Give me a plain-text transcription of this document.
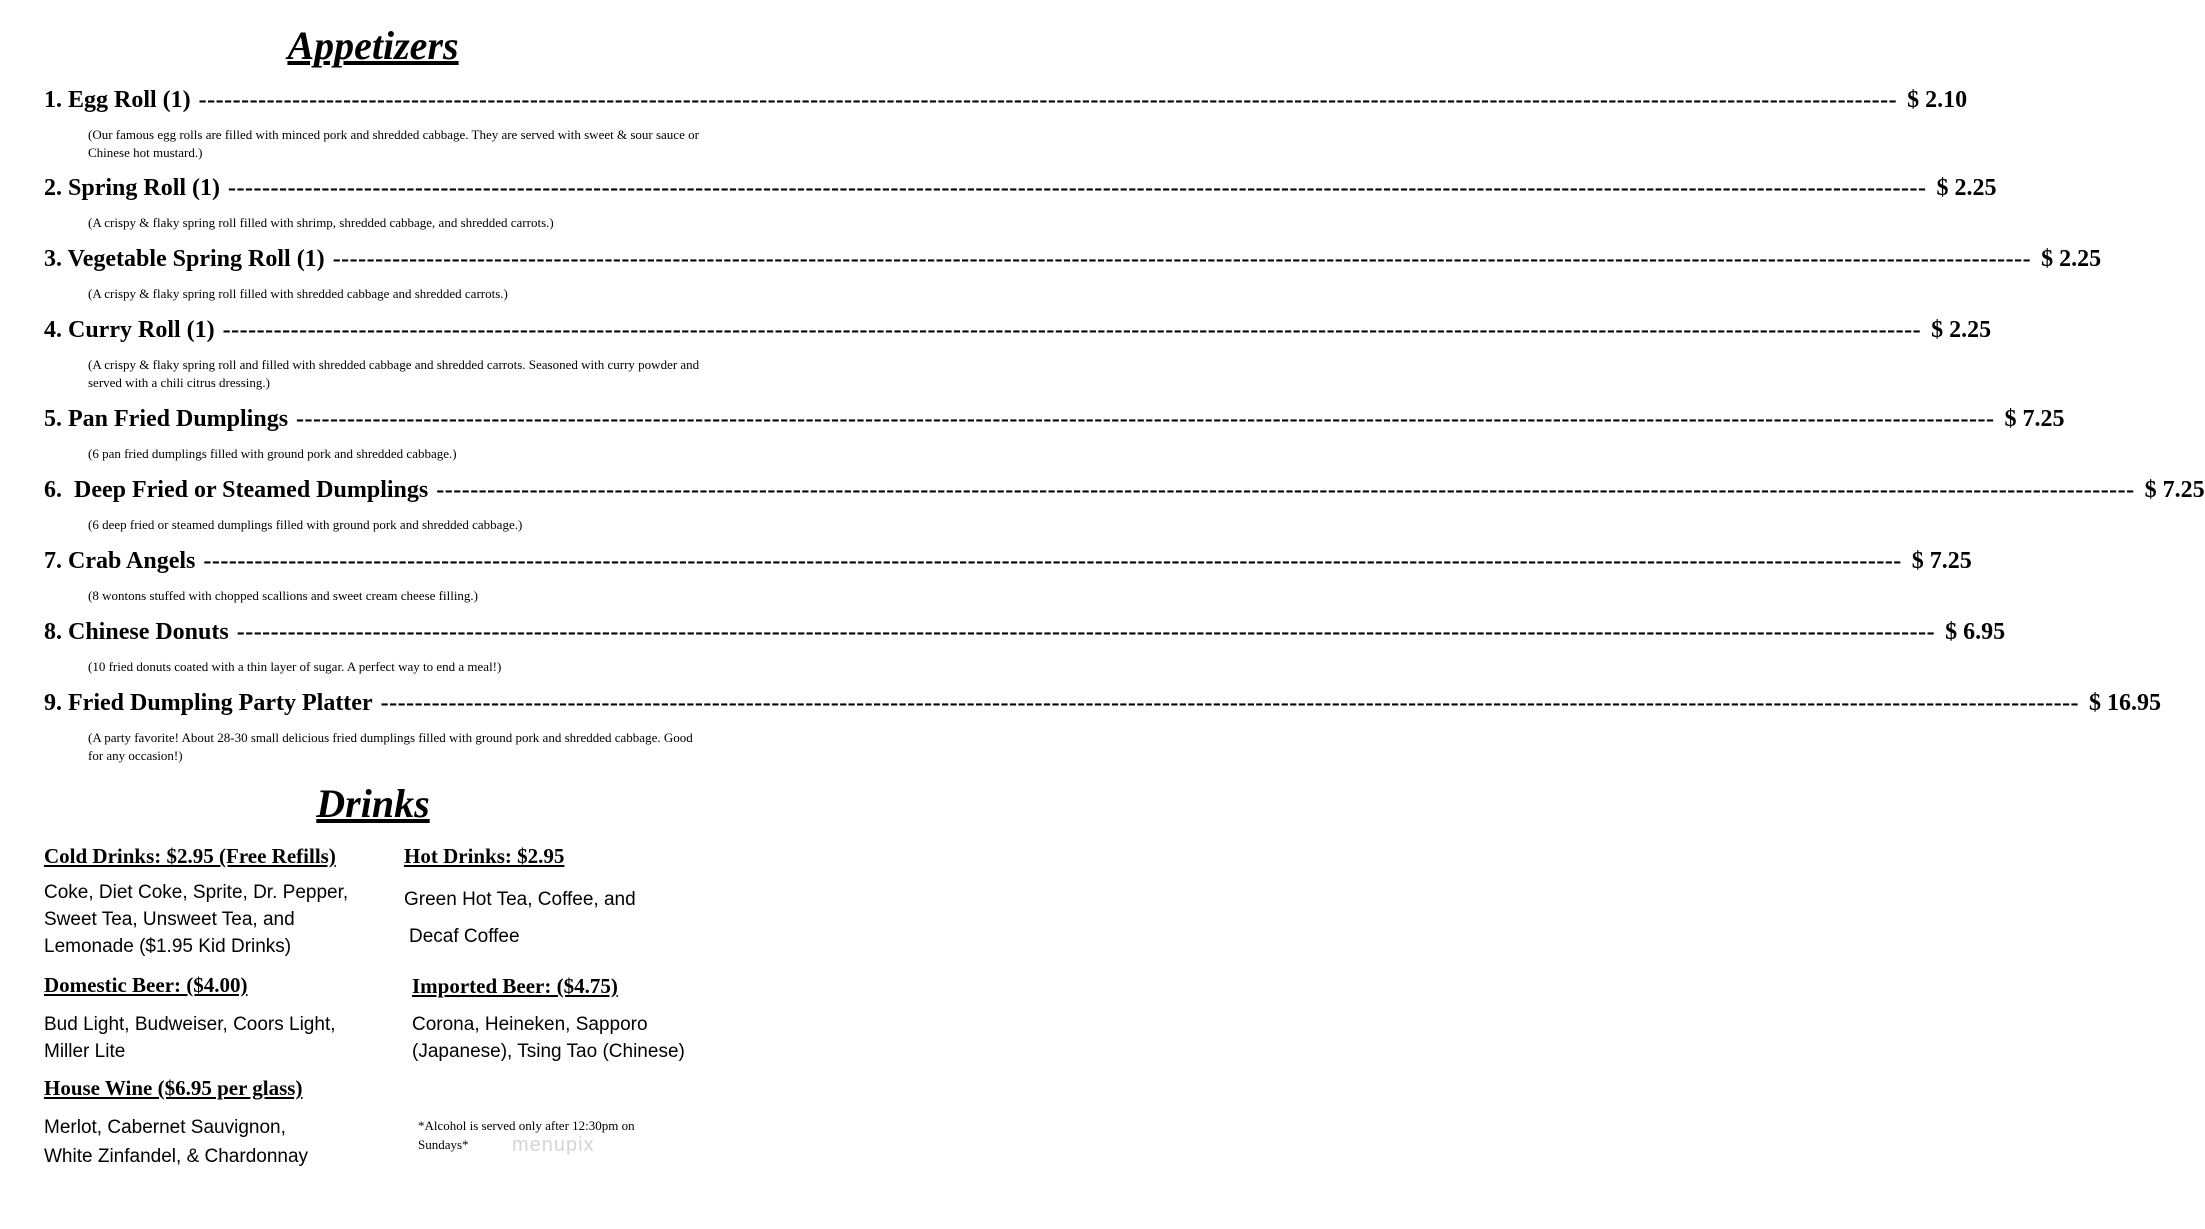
Appetizers
1. Egg Roll (1) -------------------------------------------------------------------------------------------------------------------------------------------------------------------------------------------------------- $ 2.10
(Our famous egg rolls are filled with minced pork and shredded cabbage. They are served with sweet & sour sauce or Chinese hot mustard.)
2. Spring Roll (1) -------------------------------------------------------------------------------------------------------------------------------------------------------------------------------------------------------- $ 2.25
(A crispy & flaky spring roll filled with shrimp, shredded cabbage, and shredded carrots.)
3. Vegetable Spring Roll (1) -------------------------------------------------------------------------------------------------------------------------------------------------------------------------------------------------------- $ 2.25
(A crispy & flaky spring roll filled with shredded cabbage and shredded carrots.)
4. Curry Roll (1) -------------------------------------------------------------------------------------------------------------------------------------------------------------------------------------------------------- $ 2.25
(A crispy & flaky spring roll and filled with shredded cabbage and shredded carrots. Seasoned with curry powder and served with a chili citrus dressing.)
5. Pan Fried Dumplings -------------------------------------------------------------------------------------------------------------------------------------------------------------------------------------------------------- $ 7.25
(6 pan fried dumplings filled with ground pork and shredded cabbage.)
6.  Deep Fried or Steamed Dumplings -------------------------------------------------------------------------------------------------------------------------------------------------------------------------------------------------------- $ 7.25
(6 deep fried or steamed dumplings filled with ground pork and shredded cabbage.)
7. Crab Angels -------------------------------------------------------------------------------------------------------------------------------------------------------------------------------------------------------- $ 7.25
(8 wontons stuffed with chopped scallions and sweet cream cheese filling.)
8. Chinese Donuts -------------------------------------------------------------------------------------------------------------------------------------------------------------------------------------------------------- $ 6.95
(10 fried donuts coated with a thin layer of sugar. A perfect way to end a meal!)
9. Fried Dumpling Party Platter -------------------------------------------------------------------------------------------------------------------------------------------------------------------------------------------------------- $ 16.95
(A party favorite! About 28-30 small delicious fried dumplings filled with ground pork and shredded cabbage. Good for any occasion!)
Drinks
Cold Drinks: $2.95 (Free Refills)
Coke, Diet Coke, Sprite, Dr. Pepper,
Sweet Tea, Unsweet Tea, and
Lemonade ($1.95 Kid Drinks)
Hot Drinks: $2.95
Green Hot Tea, Coffee, and
Decaf Coffee
Domestic Beer: ($4.00)
Bud Light, Budweiser, Coors Light,
Miller Lite
Imported Beer: ($4.75)
Corona, Heineken, Sapporo
(Japanese), Tsing Tao (Chinese)
House Wine ($6.95 per glass)
Merlot, Cabernet Sauvignon,
White Zinfandel, & Chardonnay
*Alcohol is served only after 12:30pm on
Sundays*	menupix
